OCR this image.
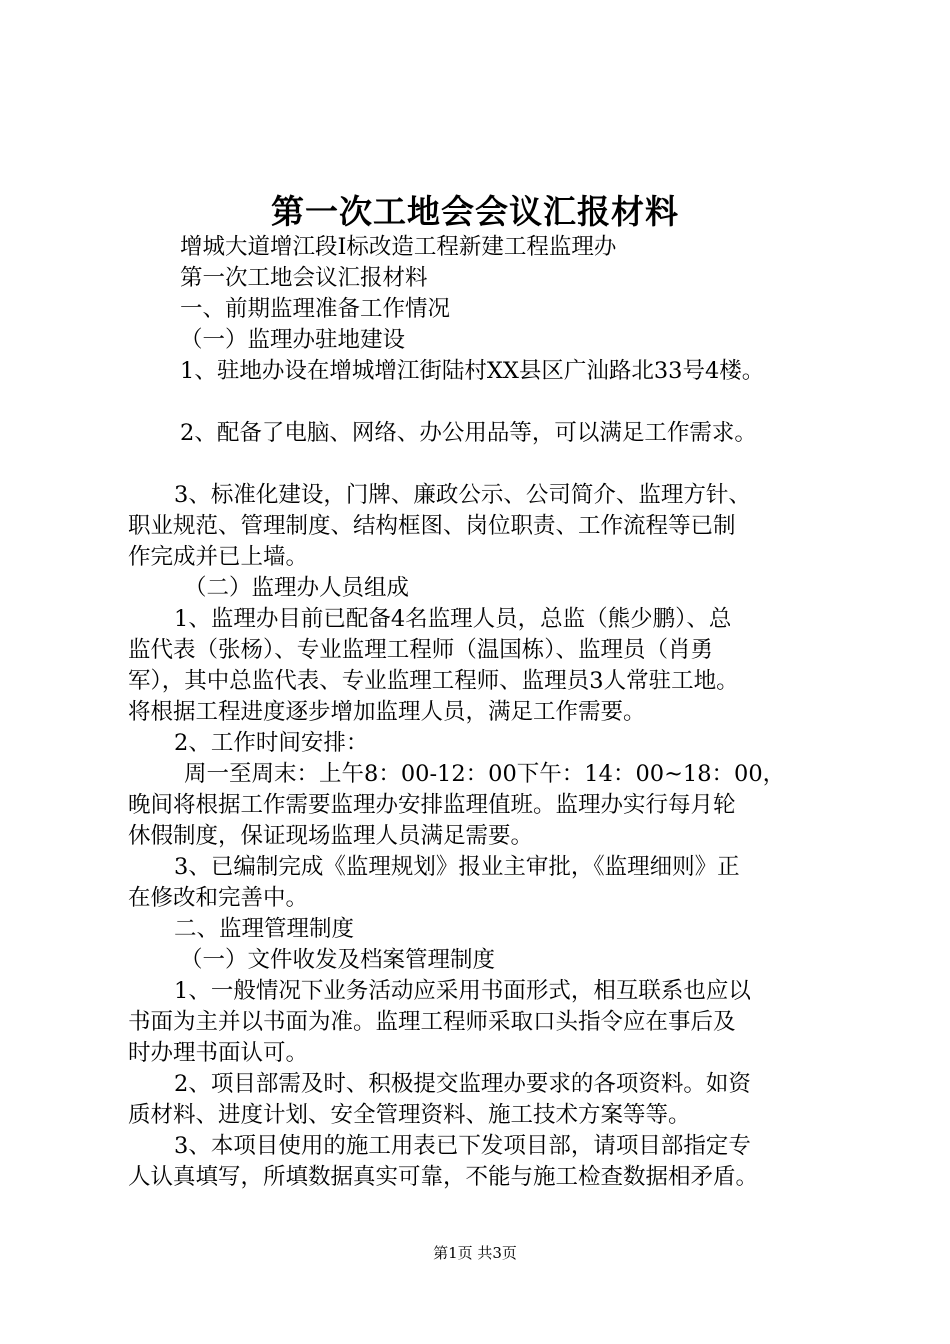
第一次工地会会议汇报材料
增城大道增江段Ⅰ标改造工程新建工程监理办
第一次工地会议汇报材料
一、前期监理准备工作情况
（一）监理办驻地建设
1、驻地办设在增城增江街陆村XX县区广汕路北33号4楼。
2、配备了电脑、网络、办公用品等，可以满足工作需求。
3、标准化建设，门牌、廉政公示、公司简介、监理方针、
职业规范、管理制度、结构框图、岗位职责、工作流程等已制
作完成并已上墙。
（二）监理办人员组成
1、监理办目前已配备4名监理人员，总监（熊少鹏）、总
监代表（张杨）、专业监理工程师（温国栋）、监理员（肖勇
军），其中总监代表、专业监理工程师、监理员3人常驻工地。
将根据工程进度逐步增加监理人员，满足工作需要。
2、工作时间安排：
周一至周末：上午8：00-12：00下午：14：00~18：00，
晚间将根据工作需要监理办安排监理值班。监理办实行每月轮
休假制度，保证现场监理人员满足需要。
3、已编制完成《监理规划》报业主审批，《监理细则》正
在修改和完善中。
二、监理管理制度
（一）文件收发及档案管理制度
1、一般情况下业务活动应采用书面形式，相互联系也应以
书面为主并以书面为准。监理工程师采取口头指令应在事后及
时办理书面认可。
2、项目部需及时、积极提交监理办要求的各项资料。如资
质材料、进度计划、安全管理资料、施工技术方案等等。
3、本项目使用的施工用表已下发项目部，请项目部指定专
人认真填写，所填数据真实可靠，不能与施工检查数据相矛盾。
第1页 共3页
